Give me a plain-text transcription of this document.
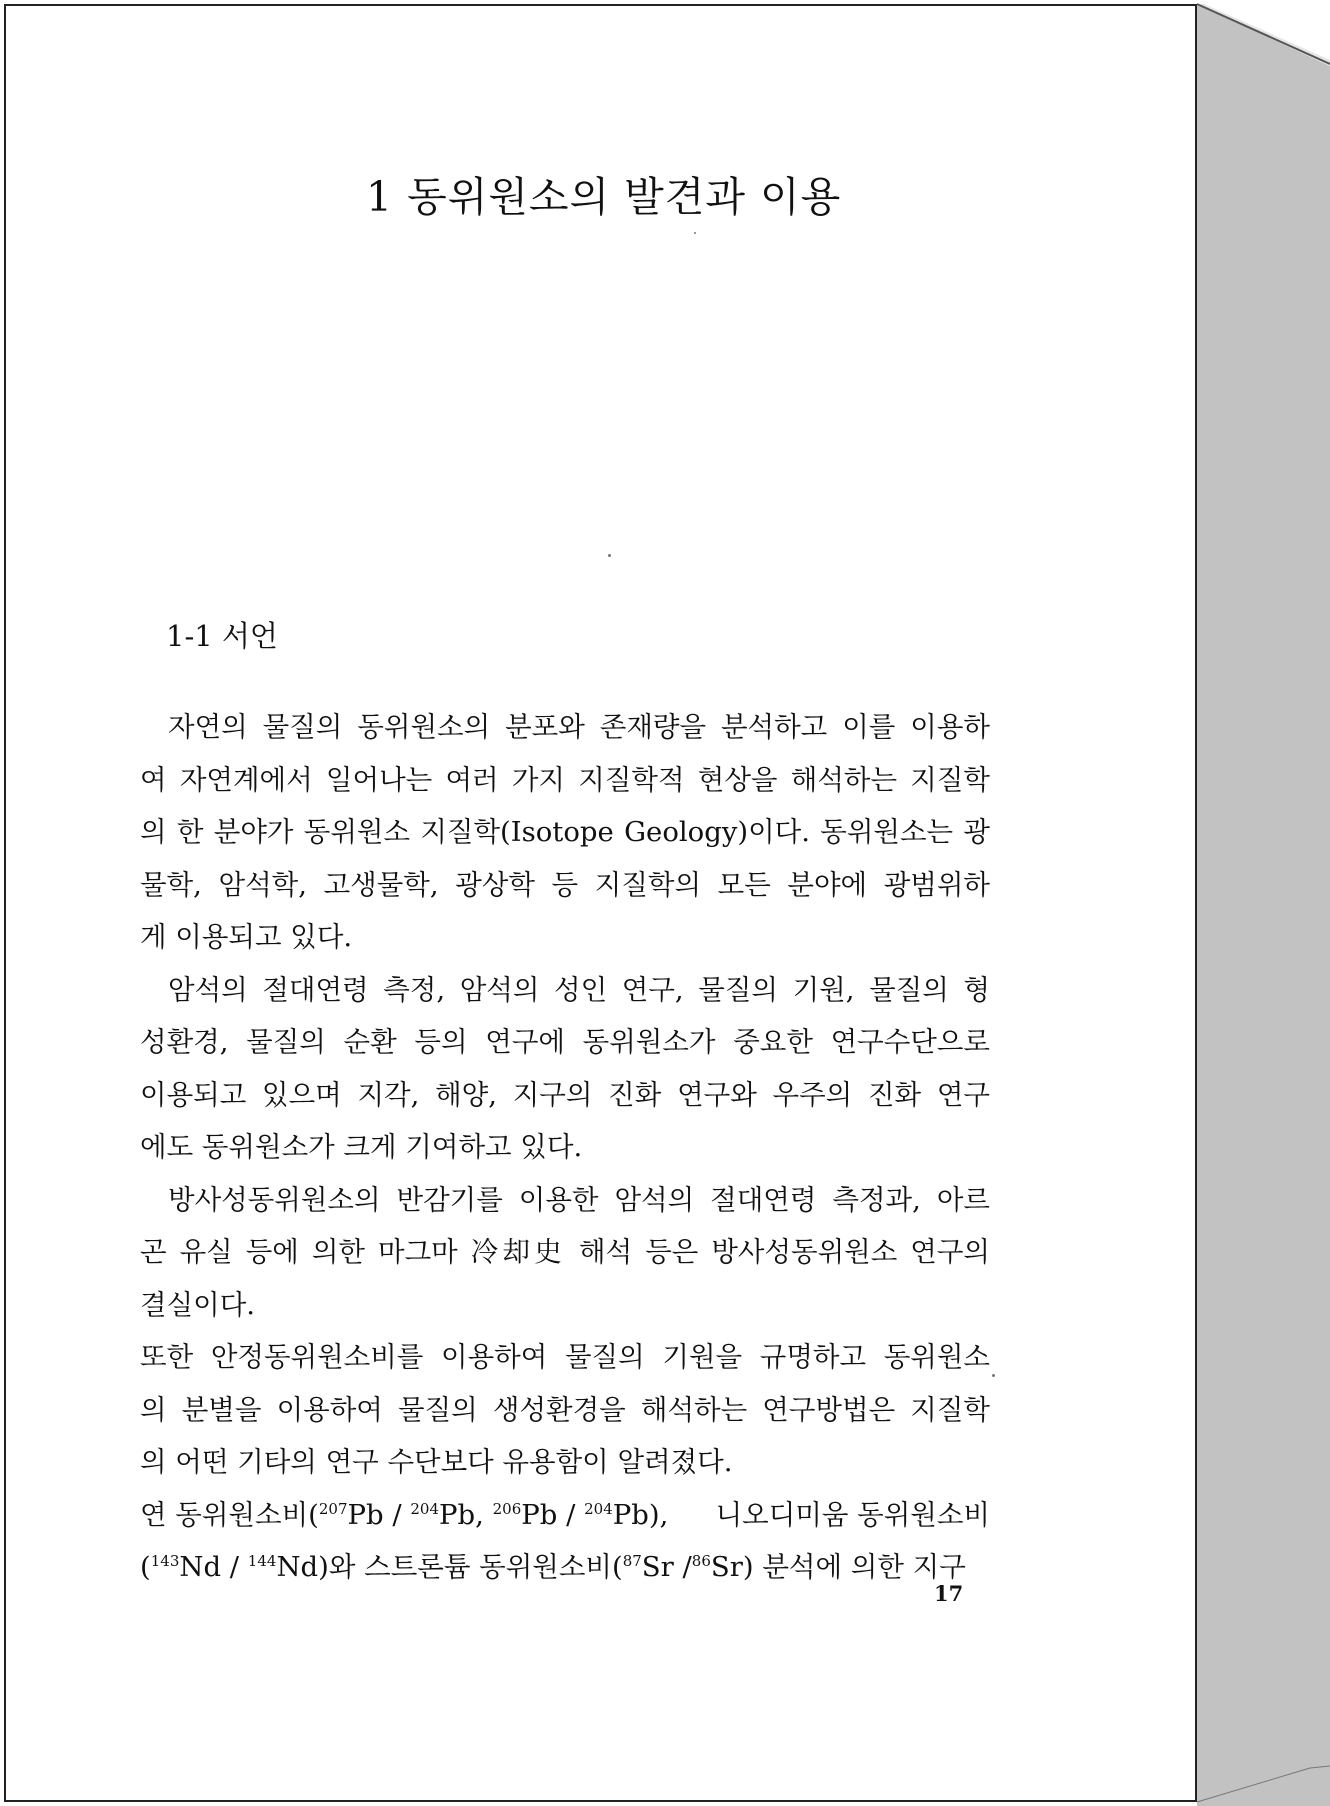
1 동위원소의 발견과 이용
1-1 서언
자연의 물질의 동위원소의 분포와 존재량을 분석하고 이를 이용하
여 자연계에서 일어나는 여러 가지 지질학적 현상을 해석하는 지질학
의 한 분야가 동위원소 지질학(Isotope Geology)이다. 동위원소는 광
물학, 암석학, 고생물학, 광상학 등 지질학의 모든 분야에 광범위하
게 이용되고 있다.
암석의 절대연령 측정, 암석의 성인 연구, 물질의 기원, 물질의 형
성환경, 물질의 순환 등의 연구에 동위원소가 중요한 연구수단으로
이용되고 있으며 지각, 해양, 지구의 진화 연구와 우주의 진화 연구
에도 동위원소가 크게 기여하고 있다.
방사성동위원소의 반감기를 이용한 암석의 절대연령 측정과, 아르
곤 유실 등에 의한 마그마 冷却史 해석 등은 방사성동위원소 연구의
결실이다.
또한 안정동위원소비를 이용하여 물질의 기원을 규명하고 동위원소
의 분별을 이용하여 물질의 생성환경을 해석하는 연구방법은 지질학
의 어떤 기타의 연구 수단보다 유용함이 알려졌다.
연 동위원소비($^{207}$Pb / $^{204}$Pb, $^{206}$Pb / $^{204}$Pb), 니오디미움 동위원소비
($^{143}$Nd / $^{144}$Nd)와 스트론튬 동위원소비($^{87}$Sr /$^{86}$Sr) 분석에 의한 지구
17
